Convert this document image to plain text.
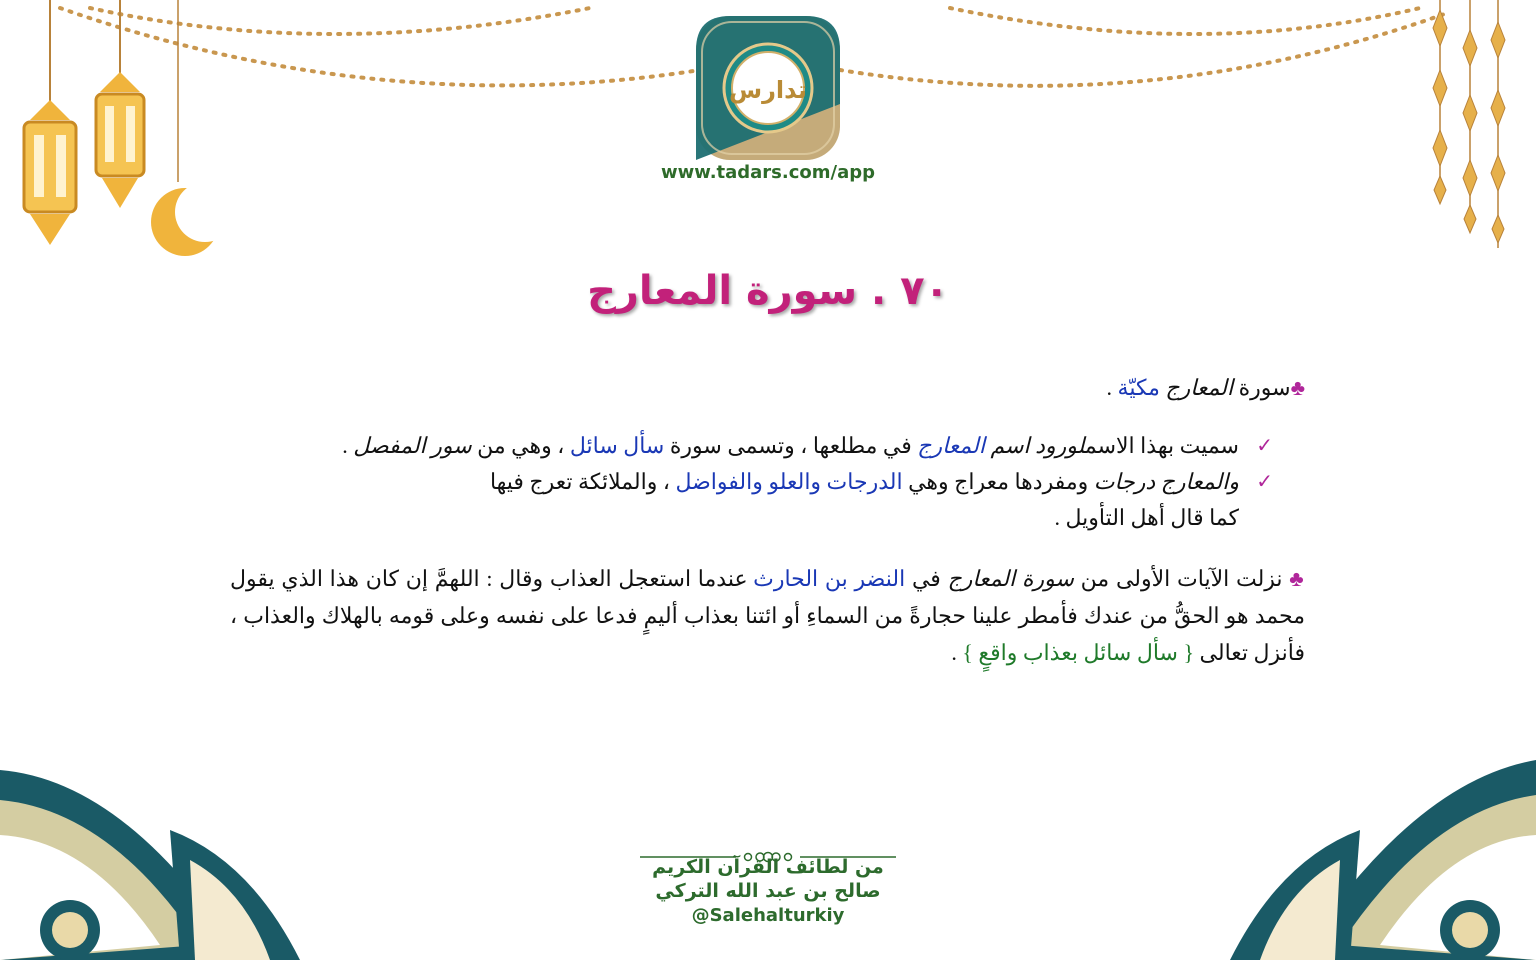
تدارس
www.tadars.com/app
٧٠ . سورة المعارج

♣سورة المعارج مكيّة .

✓
سميت بهذا الاسملورود اسم المعارج في مطلعها ، وتسمى سورة سأل سائل ، وهي من سور المفصل .
✓
والمعارج درجات ومفردها معراج وهي الدرجات والعلو والفواضل ، والملائكة تعرج فيها
كما قال أهل التأويل .

♣ نزلت الآيات الأولى من سورة المعارج في النضر بن الحارث عندما استعجل العذاب وقال : اللهمَّ إن كان هذا الذي يقول محمد هو الحقُّ من عندك فأمطر علينا حجارةً من السماءِ أو ائتنا بعذاب أليمٍ فدعا على نفسه وعلى قومه بالهلاك والعذاب ، فأنزل تعالى { سأل سائل بعذاب واقعٍ } .

من لطائف القرآن الكريم
صالح بن عبد الله التركي
@Salehalturkiy
